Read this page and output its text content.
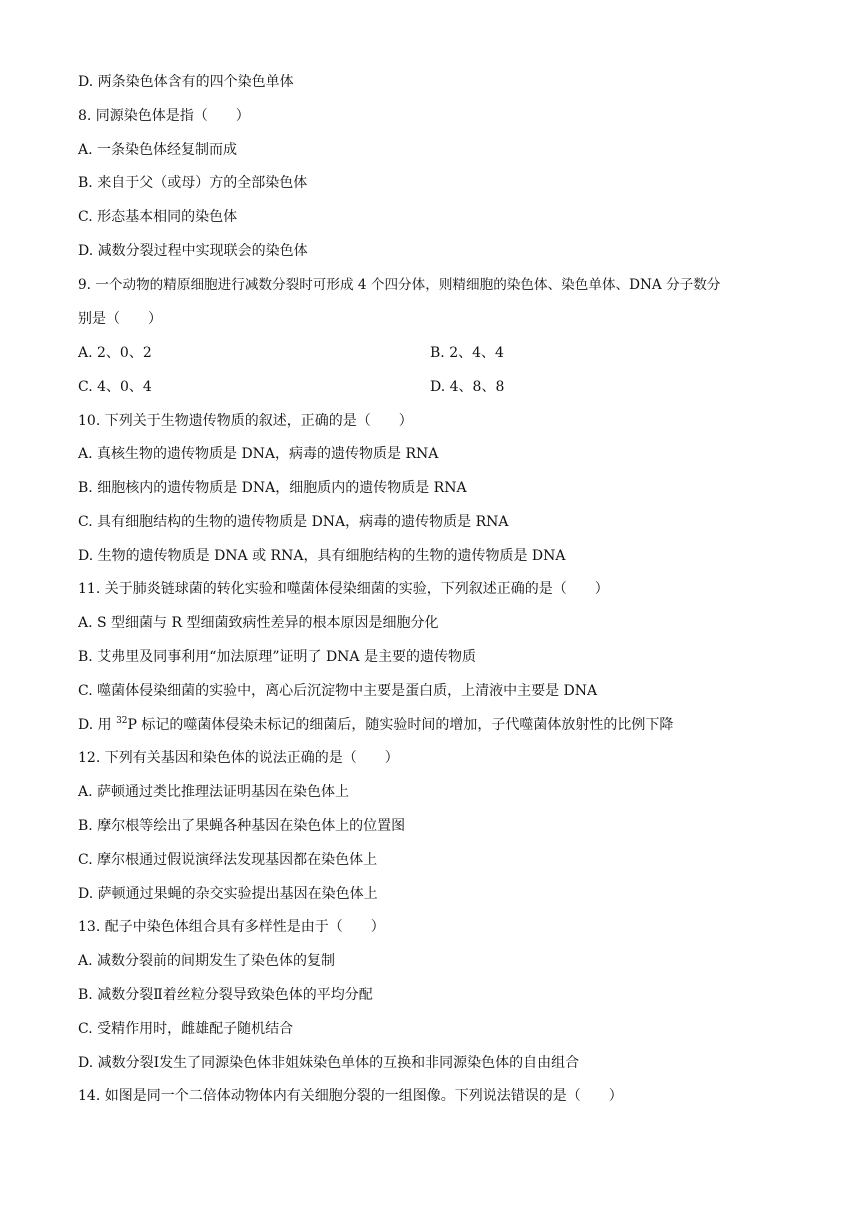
D. 两条染色体含有的四个染色单体
8. 同源染色体是指（　　）
A. 一条染色体经复制而成
B. 来自于父（或母）方的全部染色体
C. 形态基本相同的染色体
D. 减数分裂过程中实现联会的染色体
9. 一个动物的精原细胞进行减数分裂时可形成 4 个四分体，则精细胞的染色体、染色单体、DNA 分子数分
别是（　　）
A. 2、0、2	B. 2、4、4
C. 4、0、4	D. 4、8、8
10. 下列关于生物遗传物质的叙述，正确的是（　　）
A. 真核生物的遗传物质是 DNA，病毒的遗传物质是 RNA
B. 细胞核内的遗传物质是 DNA，细胞质内的遗传物质是 RNA
C. 具有细胞结构的生物的遗传物质是 DNA，病毒的遗传物质是 RNA
D. 生物的遗传物质是 DNA 或 RNA，具有细胞结构的生物的遗传物质是 DNA
11. 关于肺炎链球菌的转化实验和噬菌体侵染细菌的实验，下列叙述正确的是（　　）
A. S 型细菌与 R 型细菌致病性差异的根本原因是细胞分化
B. 艾弗里及同事利用“加法原理”证明了 DNA 是主要的遗传物质
C. 噬菌体侵染细菌的实验中，离心后沉淀物中主要是蛋白质，上清液中主要是 DNA
D. 用 $^{32}$P 标记的噬菌体侵染未标记的细菌后，随实验时间的增加，子代噬菌体放射性的比例下降
12. 下列有关基因和染色体的说法正确的是（　　）
A. 萨顿通过类比推理法证明基因在染色体上
B. 摩尔根等绘出了果蝇各种基因在染色体上的位置图
C. 摩尔根通过假说演绎法发现基因都在染色体上
D. 萨顿通过果蝇的杂交实验提出基因在染色体上
13. 配子中染色体组合具有多样性是由于（　　）
A. 减数分裂前的间期发生了染色体的复制
B. 减数分裂Ⅱ着丝粒分裂导致染色体的平均分配
C. 受精作用时，雌雄配子随机结合
D. 减数分裂Ⅰ发生了同源染色体非姐妹染色单体的互换和非同源染色体的自由组合
14. 如图是同一个二倍体动物体内有关细胞分裂的一组图像。下列说法错误的是（　　）
